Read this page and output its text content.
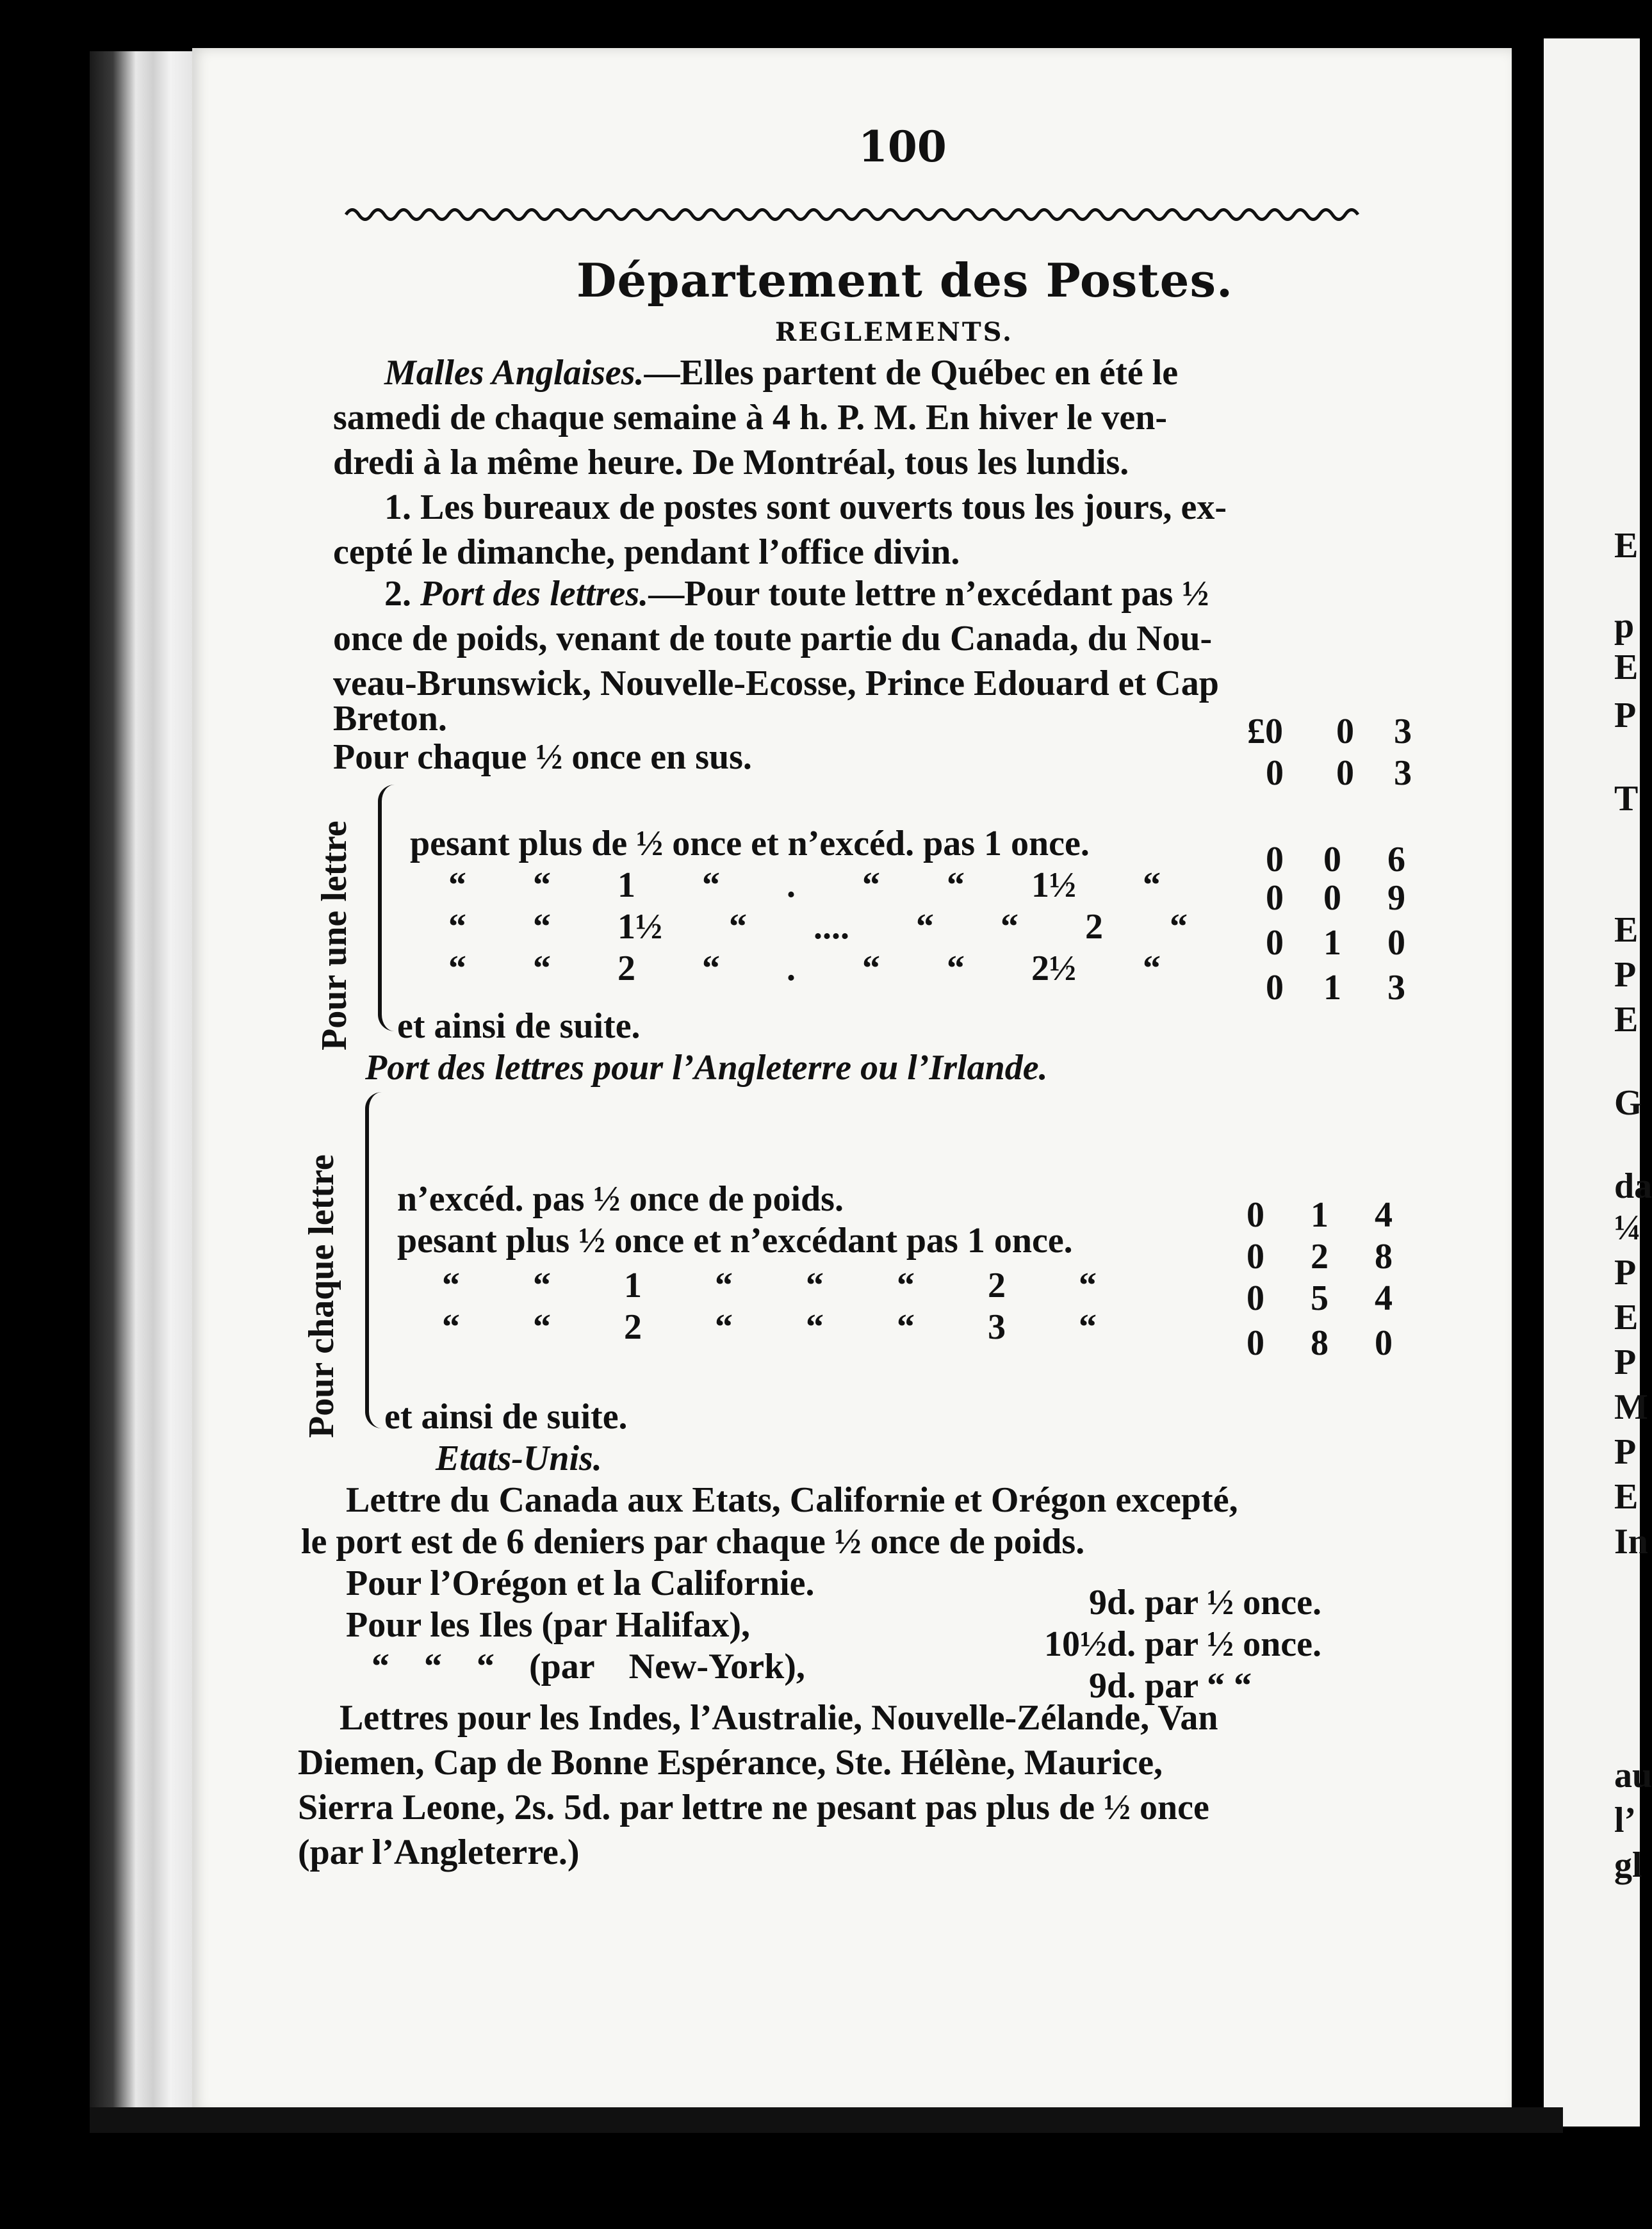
100
Département des Postes.
REGLEMENTS.
Malles Anglaises.—Elles partent de Québec en été le
samedi de chaque semaine à 4 h. P. M. En hiver le ven-
dredi à la même heure. De Montréal, tous les lundis.
1. Les bureaux de postes sont ouverts tous les jours, ex-
cepté le dimanche, pendant l’office divin.
2. Port des lettres.—Pour toute lettre n’excédant pas ½
once de poids, venant de toute partie du Canada, du Nou-
veau-Brunswick, Nouvelle-Ecosse, Prince Edouard et Cap
Breton.	£0	0	3
Pour chaque ½ once en sus.	0	0	3
Pour une lettre pesant plus de ½ once et n’excéd. pas 1 once.	0	0	6
“ “ 1 “ . “ “ 1½ “	0	0	9
“ “ 1½ “ .... “ “ 2 “	0	1	0
“ “ 2 “ . “ “ 2½ “	0	1	3
et ainsi de suite.
Port des lettres pour l’Angleterre ou l’Irlande.
Pour chaque lettre n’excéd. pas ½ once de poids.	0	1	4
pesant plus ½ once et n’excédant pas 1 once.	0	2	8
“ “ 1 “ “ “ 2 “	0	5	4
“ “ 2 “ “ “ 3 “	0	8	0
et ainsi de suite.
Etats-Unis.
Lettre du Canada aux Etats, Californie et Orégon excepté,
le port est de 6 deniers par chaque ½ once de poids.
Pour l’Orégon et la Californie.	9d. par ½ once.
Pour les Iles (par Halifax),	10½d. par ½ once.
“ “ “ (par New-York),	9d. par “ “
Lettres pour les Indes, l’Australie, Nouvelle-Zélande, Van
Diemen, Cap de Bonne Espérance, Ste. Hélène, Maurice,
Sierra Leone, 2s. 5d. par lettre ne pesant pas plus de ½ once
(par l’Angleterre.)
E
p
E
P
T
E
P
E
G
da
¼
P
E
P
M
P
E
In
au
l’
gl
